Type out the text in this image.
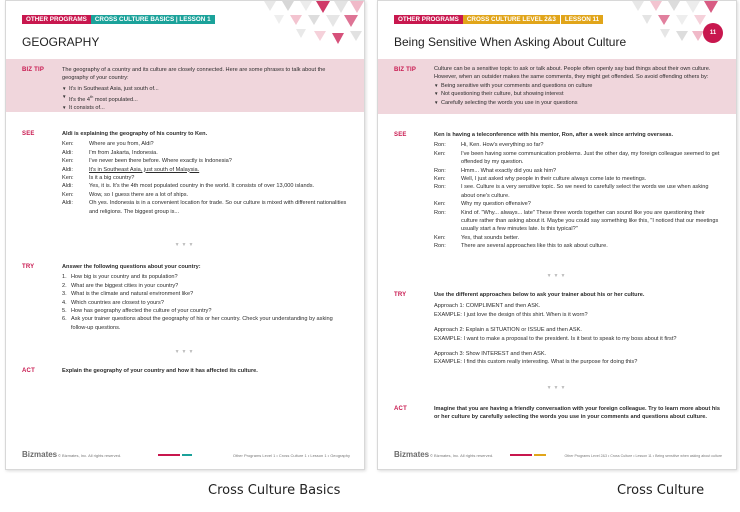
OTHER PROGRAMS	CROSS CULTURE BASICS | LESSON 1
GEOGRAPHY
BIZ TIP	The geography of a country and its culture are closely connected. Here are some phrases to talk about the geography of your country:
▼ It's in Southeast Asia, just south of...
▼ It's the 4th most populated...
▼ It consists of...
SEE	Aldi is explaining the geography of his country to Ken.
Ken:	Where are you from, Aldi?
Aldi:	I'm from Jakarta, Indonesia.
Ken:	I've never been there before. Where exactly is Indonesia?
Aldi:	It's in Southeast Asia, just south of Malaysia.
Ken:	Is it a big country?
Aldi:	Yes, it is. It's the 4th most populated country in the world. It consists of over 13,000 islands.
Ken:	Wow, so I guess there are a lot of ships.
Aldi:	Oh yes. Indonesia is in a convenient location for trade. So our culture is mixed with different nationalities and religions. The biggest group is...
▼▼▼
TRY	Answer the following questions about your country:
1. How big is your country and its population?
2. What are the biggest cities in your country?
3. What is the climate and natural environment like?
4. Which countries are closest to yours?
5. How has geography affected the culture of your country?
6. Ask your trainer questions about the geography of his or her country. Check your understanding by asking follow-up questions.
▼▼▼
ACT	Explain the geography of your country and how it has affected its culture.
Bizmates © Bizmates, Inc. All rights reserved.	Other Programs Level 1 • Cross Culture 1 • Lesson 1 • Geography
OTHER PROGRAMS	CROSS CULTURE LEVEL 2&3	LESSON 11
11
Being Sensitive When Asking About Culture
BIZ TIP	Culture can be a sensitive topic to ask or talk about. People often openly say bad things about their own culture. However, when an outsider makes the same comments, they might get offended. So avoid offending others by:
▼ Being sensitive with your comments and questions on culture
▼ Not questioning their culture, but showing interest
▼ Carefully selecting the words you use in your questions
SEE	Ken is having a teleconference with his mentor, Ron, after a week since arriving overseas.
Ron:	Hi, Ken. How's everything so far?
Ken:	I've been having some communication problems. Just the other day, my foreign colleague seemed to get offended by my question.
Ron:	Hmm... What exactly did you ask him?
Ken:	Well, I just asked why people in their culture always come late to meetings.
Ron:	I see. Culture is a very sensitive topic. So we need to carefully select the words we use when asking about one's culture.
Ken:	Why my question offensive?
Ron:	Kind of. "Why... always... late" These three words together can sound like you are questioning their culture rather than asking about it. Maybe you could say something like this, "I noticed that our meetings usually start a few minutes late. Is this typical?"
Ken:	Yes, that sounds better.
Ron:	There are several approaches like this to ask about culture.
▼▼▼
TRY	Use the different approaches below to ask your trainer about his or her culture.
Approach 1: COMPLIMENT and then ASK.
EXAMPLE: I just love the design of this shirt. When is it worn?
Approach 2: Explain a SITUATION or ISSUE and then ASK.
EXAMPLE: I want to make a proposal to the president. Is it best to speak to my boss about it first?
Approach 3: Show INTEREST and then ASK.
EXAMPLE: I find this custom really interesting. What is the purpose for doing this?
▼▼▼
ACT	Imagine that you are having a friendly conversation with your foreign colleague. Try to learn more about his or her culture by carefully selecting the words you use in your comments and questions about culture.
Bizmates © Bizmates, Inc. All rights reserved.	Other Programs Level 2&3 • Cross Culture • Lesson 11 • Being sensitive when asking about culture
Cross Culture Basics	Cross Culture
